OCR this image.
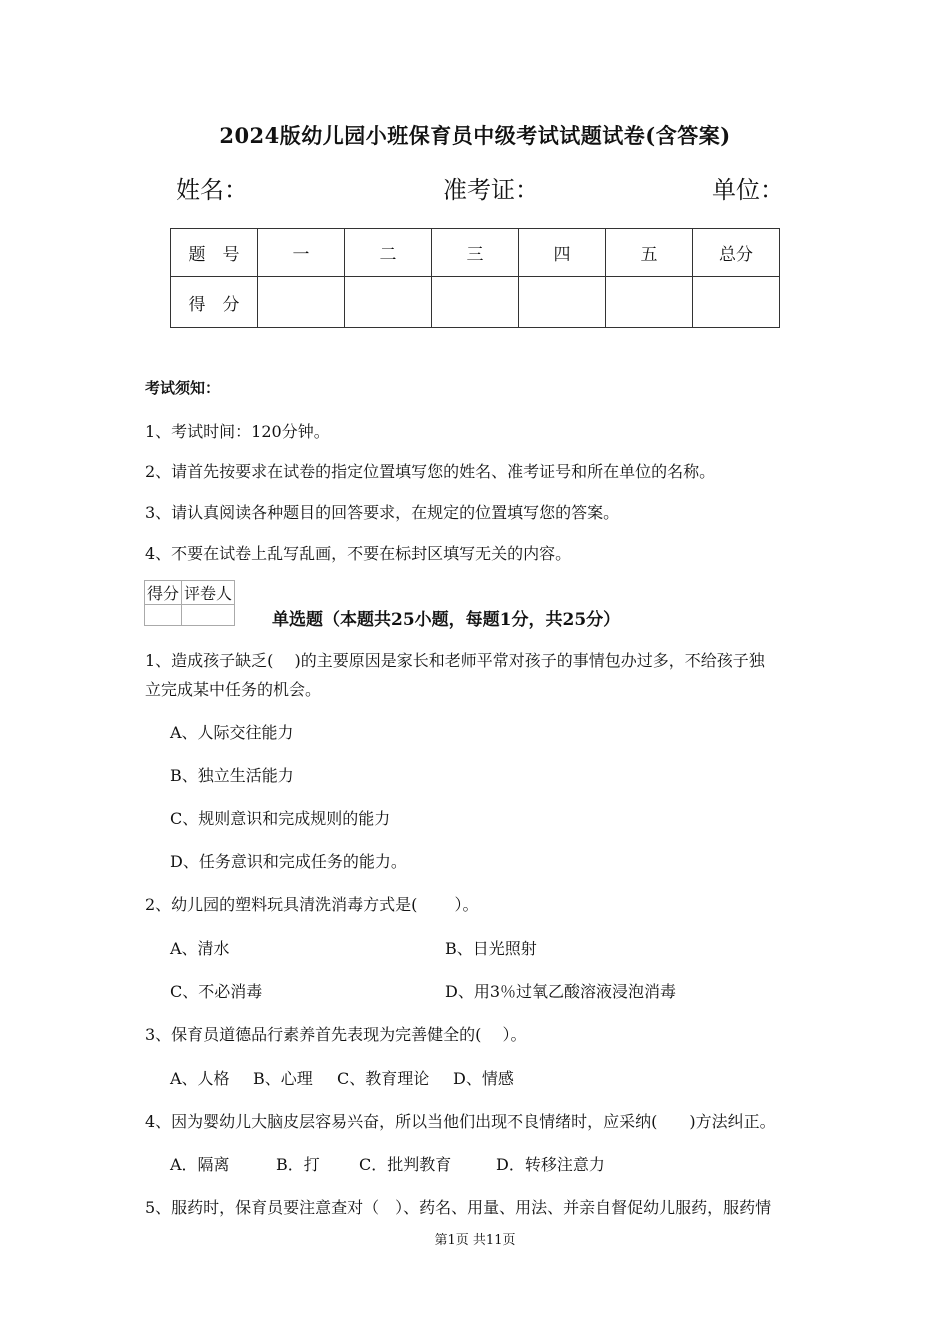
2024版幼儿园小班保育员中级考试试题试卷(含答案)
姓名：	准考证：	单位：
题　号	一	二	三	四	五	总分
得　分						
考试须知：
1、考试时间：120分钟。
2、请首先按要求在试卷的指定位置填写您的姓名、准考证号和所在单位的名称。
3、请认真阅读各种题目的回答要求，在规定的位置填写您的答案。
4、不要在试卷上乱写乱画，不要在标封区填写无关的内容。
得分	评卷人

单选题（本题共25小题，每题1分，共25分）
1、造成孩子缺乏(　 )的主要原因是家长和老师平常对孩子的事情包办过多，不给孩子独
立完成某中任务的机会。
A、人际交往能力
B、独立生活能力
C、规则意识和完成规则的能力
D、任务意识和完成任务的能力。
2、幼儿园的塑料玩具清洗消毒方式是(　　 ）。
A、清水	B、日光照射
C、不必消毒	D、用3％过氧乙酸溶液浸泡消毒
3、保育员道德品行素养首先表现为完善健全的(　 ）。
A、人格 B、心理 C、教育理论 D、情感
4、因为婴幼儿大脑皮层容易兴奋，所以当他们出现不良情绪时，应采纳(　　)方法纠正。
A．隔离	B．打 C．批判教育	D．转移注意力
5、服药时，保育员要注意查对（　）、药名、用量、用法、并亲自督促幼儿服药，服药情
第1页 共11页
